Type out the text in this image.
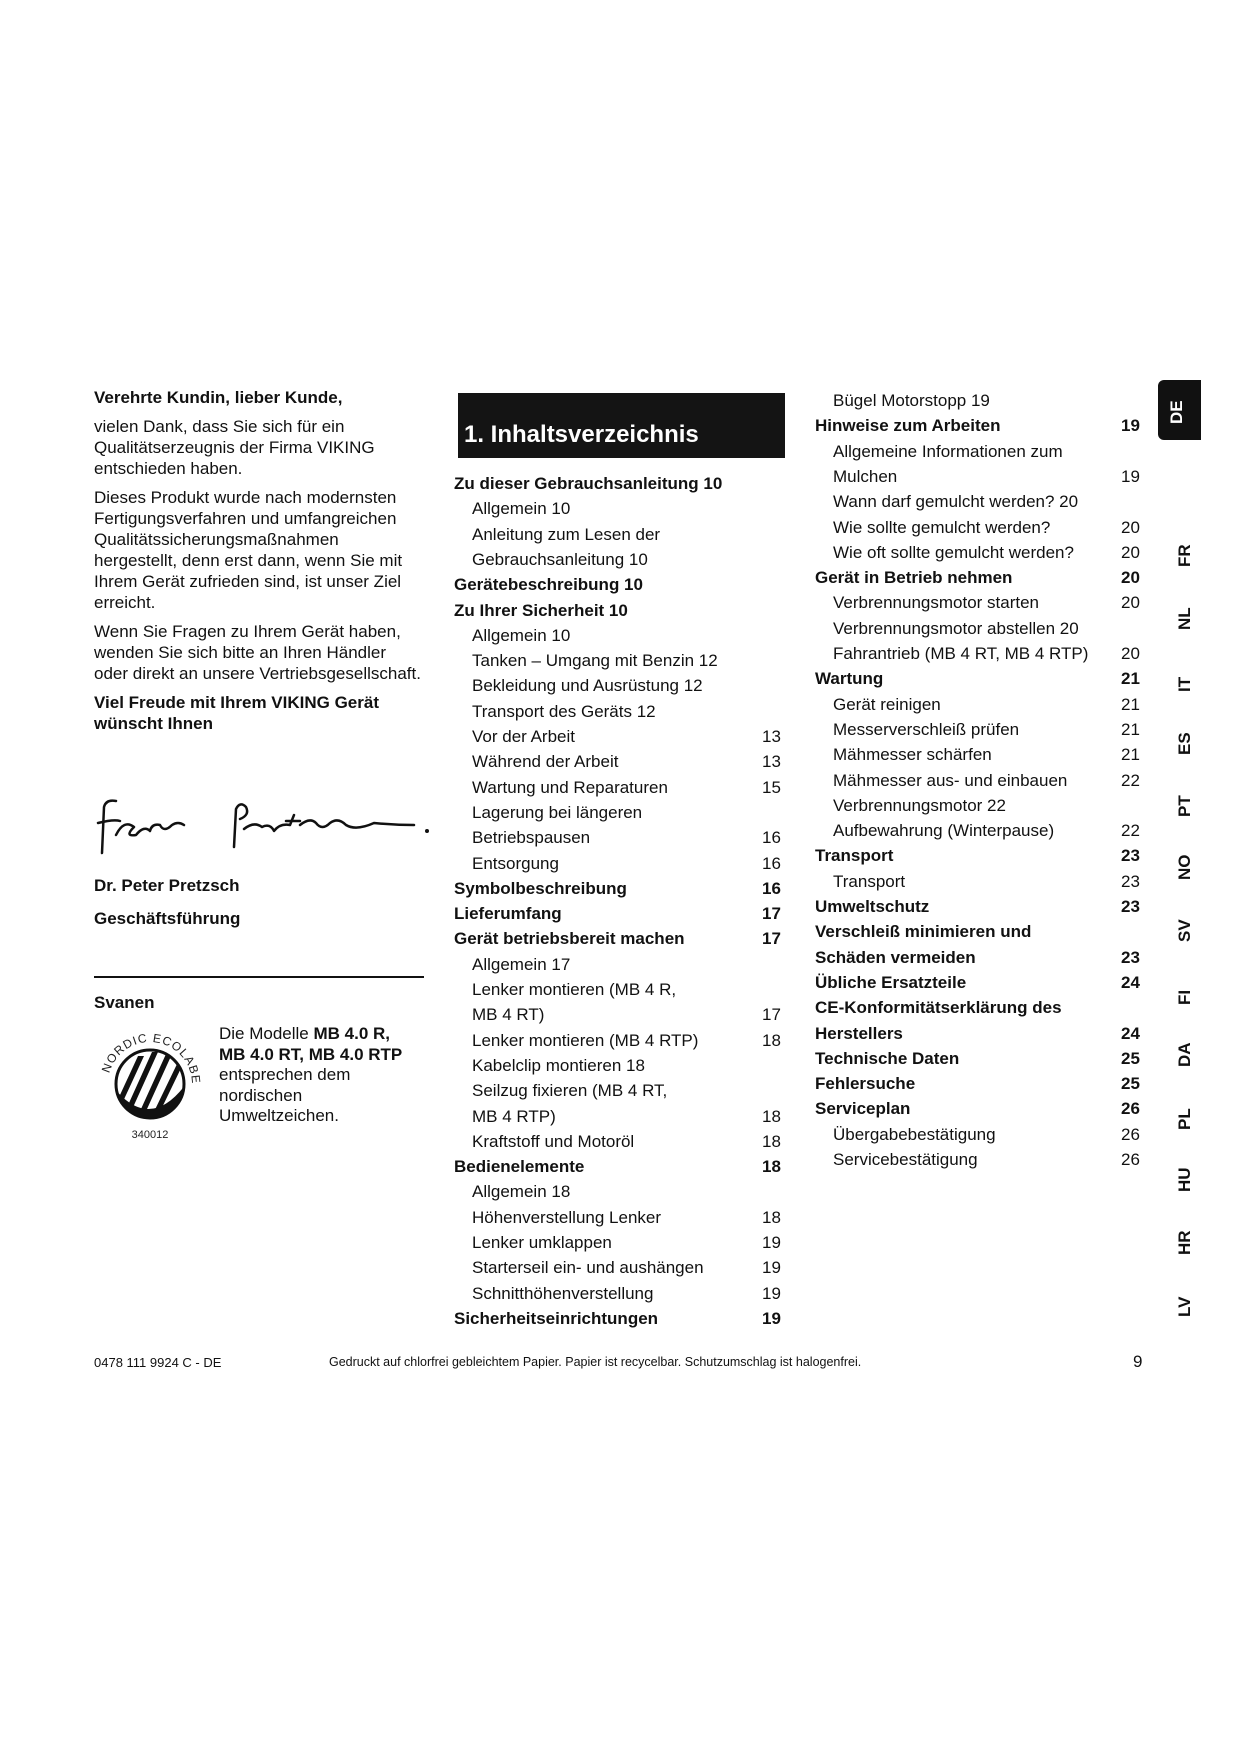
Verehrte Kundin, lieber Kunde,

vielen Dank, dass Sie sich für ein Qualitätserzeugnis der Firma VIKING entschieden haben.

Dieses Produkt wurde nach modernsten Fertigungsverfahren und umfangreichen Qualitätssicherungsmaßnahmen hergestellt, denn erst dann, wenn Sie mit Ihrem Gerät zufrieden sind, ist unser Ziel erreicht.

Wenn Sie Fragen zu Ihrem Gerät haben, wenden Sie sich bitte an Ihren Händler oder direkt an unsere Vertriebsgesellschaft.

Viel Freude mit Ihrem VIKING Gerät wünscht Ihnen

Dr. Peter Pretzsch
Geschäftsführung
Svanen
NORDIC ECOLABE
340012
Die Modelle MB 4.0 R, MB 4.0 RT, MB 4.0 RTP entsprechen dem nordischen Umweltzeichen.
1. Inhaltsverzeichnis
Zu dieser Gebrauchsanleitung 10
Allgemein 10
Anleitung zum Lesen der
Gebrauchsanleitung 10
Gerätebeschreibung 10
Zu Ihrer Sicherheit 10
Allgemein 10
Tanken – Umgang mit Benzin 12
Bekleidung und Ausrüstung 12
Transport des Geräts 12
Vor der Arbeit	13
Während der Arbeit	13
Wartung und Reparaturen	15
Lagerung bei längeren
Betriebspausen	16
Entsorgung	16
Symbolbeschreibung	16
Lieferumfang	17
Gerät betriebsbereit machen	17
Allgemein 17
Lenker montieren (MB 4 R,
MB 4 RT)	17
Lenker montieren (MB 4 RTP)	18
Kabelclip montieren 18
Seilzug fixieren (MB 4 RT,
MB 4 RTP)	18
Kraftstoff und Motoröl	18
Bedienelemente	18
Allgemein 18
Höhenverstellung Lenker	18
Lenker umklappen	19
Starterseil ein- und aushängen	19
Schnitthöhenverstellung	19
Sicherheitseinrichtungen	19
Bügel Motorstopp 19
Hinweise zum Arbeiten	19
Allgemeine Informationen zum
Mulchen	19
Wann darf gemulcht werden? 20
Wie sollte gemulcht werden?	20
Wie oft sollte gemulcht werden?	20
Gerät in Betrieb nehmen	20
Verbrennungsmotor starten	20
Verbrennungsmotor abstellen 20
Fahrantrieb (MB 4 RT, MB 4 RTP) 20
Wartung	21
Gerät reinigen	21
Messerverschleiß prüfen	21
Mähmesser schärfen	21
Mähmesser aus- und einbauen	22
Verbrennungsmotor 22
Aufbewahrung (Winterpause)	22
Transport	23
Transport	23
Umweltschutz	23
Verschleiß minimieren und
Schäden vermeiden	23
Übliche Ersatzteile	24
CE-Konformitätserklärung des
Herstellers	24
Technische Daten	25
Fehlersuche	25
Serviceplan	26
Übergabebestätigung	26
Servicebestätigung	26
DE
FR
NL
IT
ES
PT
NO
SV
FI
DA
PL
HU
HR
LV
0478 111 9924 C - DE	Gedruckt auf chlorfrei gebleichtem Papier. Papier ist recycelbar. Schutzumschlag ist halogenfrei.	9
